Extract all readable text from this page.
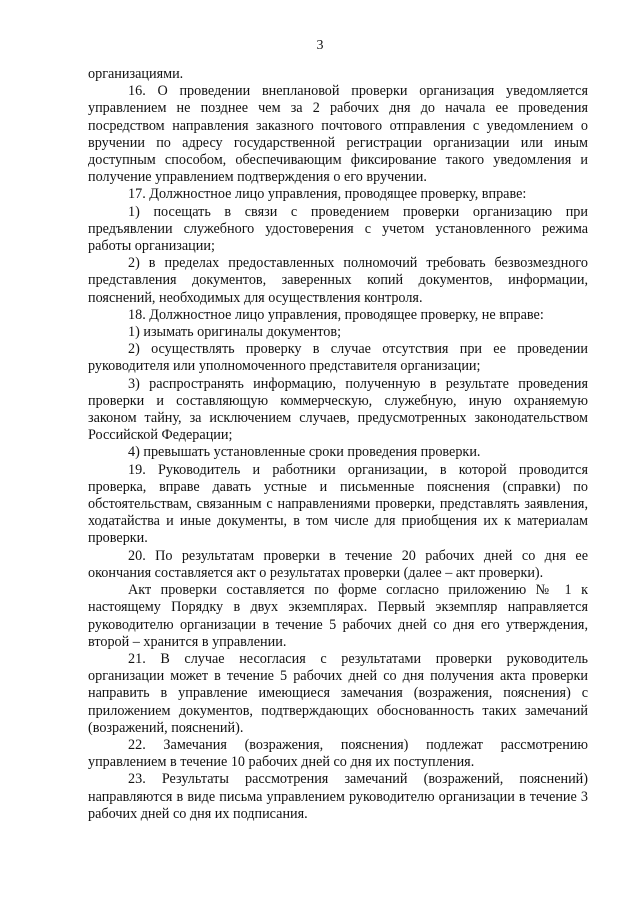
3

организациями.

16. О проведении внеплановой проверки организация уведомляется управлением не позднее чем за 2 рабочих дня до начала ее проведения посредством направления заказного почтового отправления с уведомлением о вручении по адресу государственной регистрации организации или иным доступным способом, обеспечивающим фиксирование такого уведомления и получение управлением подтверждения о его вручении.

17. Должностное лицо управления, проводящее проверку, вправе:

1) посещать в связи с проведением проверки организацию при предъявлении служебного удостоверения с учетом установленного режима работы организации;

2) в пределах предоставленных полномочий требовать безвозмездного представления документов, заверенных копий документов, информации, пояснений, необходимых для осуществления контроля.

18. Должностное лицо управления, проводящее проверку, не вправе:

1) изымать оригиналы документов;

2) осуществлять проверку в случае отсутствия при ее проведении руководителя или уполномоченного представителя организации;

3) распространять информацию, полученную в результате проведения проверки и составляющую коммерческую, служебную, иную охраняемую законом тайну, за исключением случаев, предусмотренных законодательством Российской Федерации;

4) превышать установленные сроки проведения проверки.

19. Руководитель и работники организации, в которой проводится проверка, вправе давать устные и письменные пояснения (справки) по обстоятельствам, связанным с направлениями проверки, представлять заявления, ходатайства и иные документы, в том числе для приобщения их к материалам проверки.

20. По результатам проверки в течение 20 рабочих дней со дня ее окончания составляется акт о результатах проверки (далее – акт проверки).

Акт проверки составляется по форме согласно приложению № 1 к настоящему Порядку в двух экземплярах. Первый экземпляр направляется руководителю организации в течение 5 рабочих дней со дня его утверждения, второй – хранится в управлении.

21. В случае несогласия с результатами проверки руководитель организации может в течение 5 рабочих дней со дня получения акта проверки направить в управление имеющиеся замечания (возражения, пояснения) с приложением документов, подтверждающих обоснованность таких замечаний (возражений, пояснений).

22. Замечания (возражения, пояснения) подлежат рассмотрению управлением в течение 10 рабочих дней со дня их поступления.

23. Результаты рассмотрения замечаний (возражений, пояснений) направляются в виде письма управлением руководителю организации в течение 3 рабочих дней со дня их подписания.
